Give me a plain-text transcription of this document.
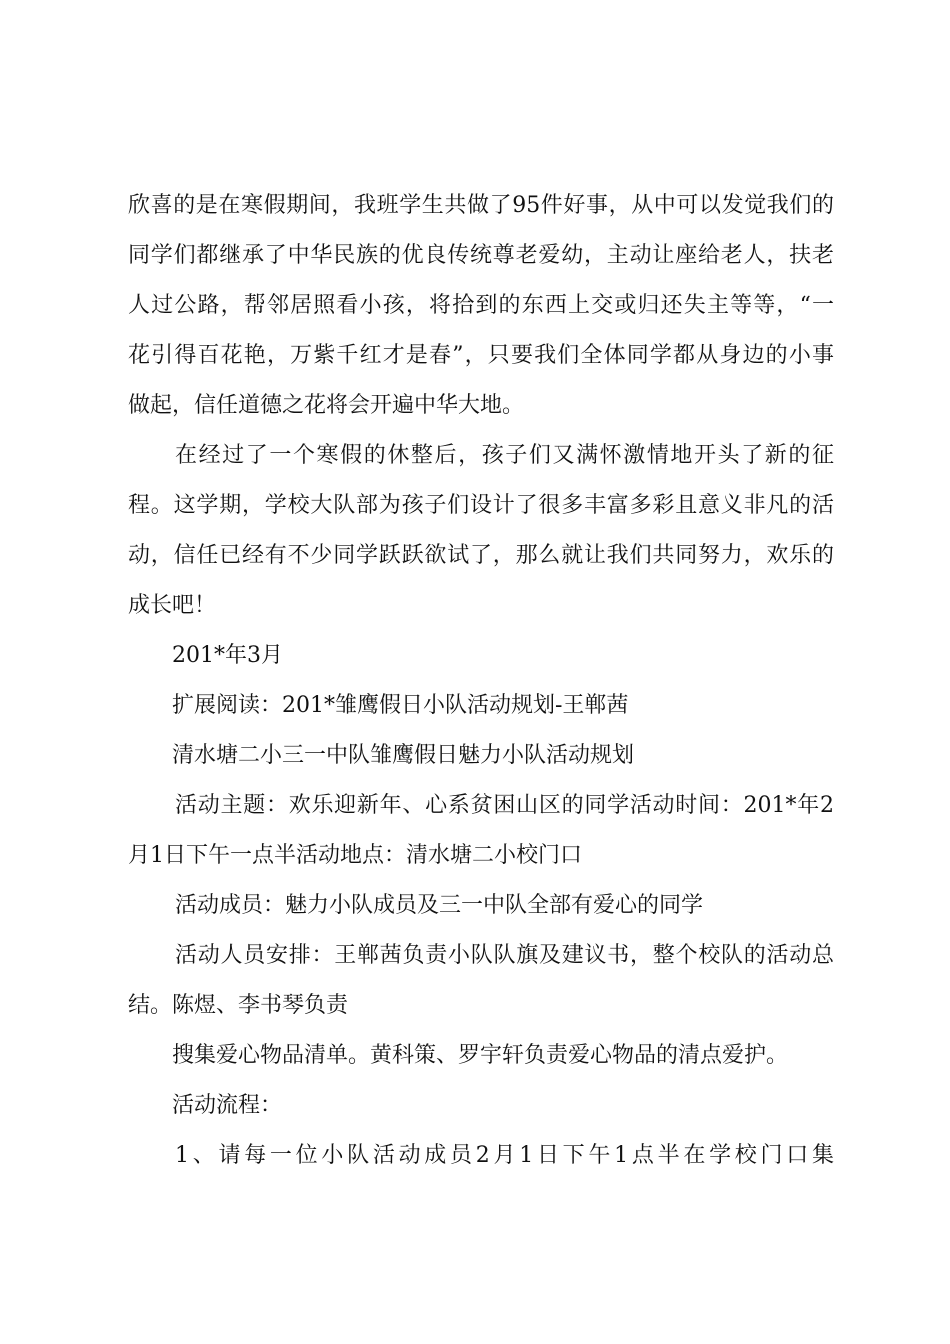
欣喜的是在寒假期间，我班学生共做了95件好事，从中可以发觉我们的
同学们都继承了中华民族的优良传统尊老爱幼，主动让座给老人，扶老
人过公路，帮邻居照看小孩，将拾到的东西上交或归还失主等等，“一
花引得百花艳，万紫千红才是春”，只要我们全体同学都从身边的小事
做起，信任道德之花将会开遍中华大地。
在经过了一个寒假的休整后，孩子们又满怀激情地开头了新的征
程。这学期，学校大队部为孩子们设计了很多丰富多彩且意义非凡的活
动，信任已经有不少同学跃跃欲试了，那么就让我们共同努力，欢乐的
成长吧！
201*年3月
扩展阅读：201*雏鹰假日小队活动规划-王郸茜
清水塘二小三一中队雏鹰假日魅力小队活动规划
活动主题：欢乐迎新年、心系贫困山区的同学活动时间：201*年2
月1日下午一点半活动地点：清水塘二小校门口
活动成员：魅力小队成员及三一中队全部有爱心的同学
活动人员安排：王郸茜负责小队队旗及建议书，整个校队的活动总
结。陈煜、李书琴负责
搜集爱心物品清单。黄科策、罗宇轩负责爱心物品的清点爱护。
活动流程：
1、请每一位小队活动成员2月1日下午1点半在学校门口集
